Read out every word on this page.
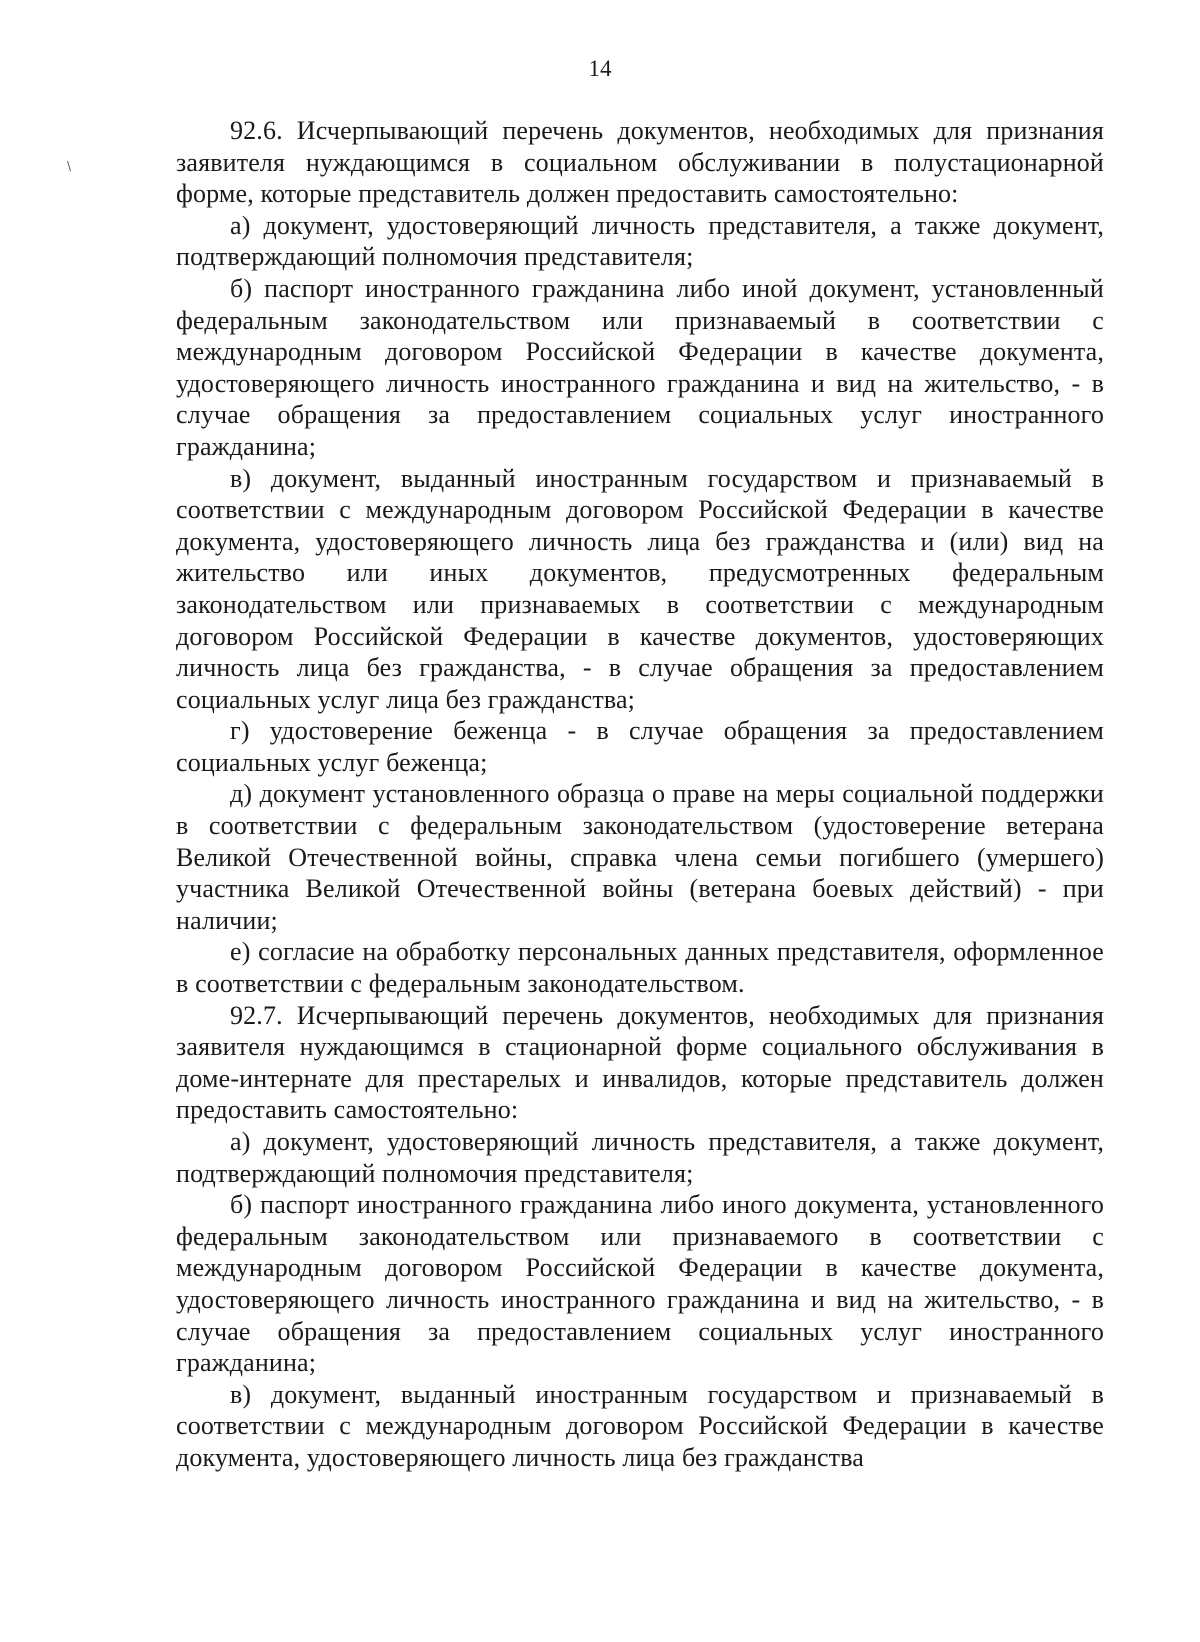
14
\

92.6. Исчерпывающий перечень документов, необходимых для признания заявителя нуждающимся в социальном обслуживании в полустационарной форме, которые представитель должен предоставить самостоятельно:

а) документ, удостоверяющий личность представителя, а также документ, подтверждающий полномочия представителя;

б) паспорт иностранного гражданина либо иной документ, установленный федеральным законодательством или признаваемый в соответствии с международным договором Российской Федерации в качестве документа, удостоверяющего личность иностранного гражданина и вид на жительство, - в случае обращения за предоставлением социальных услуг иностранного гражданина;

в) документ, выданный иностранным государством и признаваемый в соответствии с международным договором Российской Федерации в качестве документа, удостоверяющего личность лица без гражданства и (или) вид на жительство или иных документов, предусмотренных федеральным законодательством или признаваемых в соответствии с международным договором Российской Федерации в качестве документов, удостоверяющих личность лица без гражданства, - в случае обращения за предоставлением социальных услуг лица без гражданства;

г) удостоверение беженца - в случае обращения за предоставлением социальных услуг беженца;

д) документ установленного образца о праве на меры социальной поддержки в соответствии с федеральным законодательством (удостоверение ветерана Великой Отечественной войны, справка члена семьи погибшего (умершего) участника Великой Отечественной войны (ветерана боевых действий) - при наличии;

е) согласие на обработку персональных данных представителя, оформленное в соответствии с федеральным законодательством.

92.7. Исчерпывающий перечень документов, необходимых для признания заявителя нуждающимся в стационарной форме социального обслуживания в доме-интернате для престарелых и инвалидов, которые представитель должен предоставить самостоятельно:

а) документ, удостоверяющий личность представителя, а также документ, подтверждающий полномочия представителя;

б) паспорт иностранного гражданина либо иного документа, установленного федеральным законодательством или признаваемого в соответствии с международным договором Российской Федерации в качестве документа, удостоверяющего личность иностранного гражданина и вид на жительство, - в случае обращения за предоставлением социальных услуг иностранного гражданина;

в) документ, выданный иностранным государством и признаваемый в соответствии с международным договором Российской Федерации в качестве документа, удостоверяющего личность лица без гражданства
